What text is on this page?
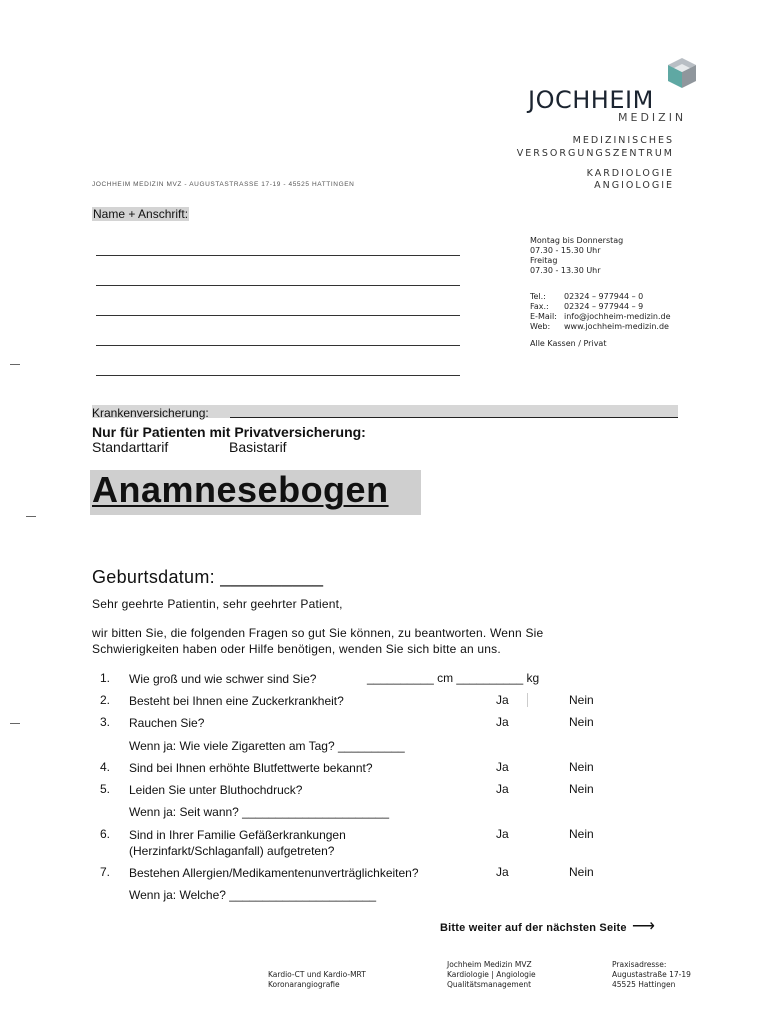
JOCHHEIM
MEDIZIN
MEDIZINISCHES
VERSORGUNGSZENTRUM
KARDIOLOGIE
ANGIOLOGIE
JOCHHEIM MEDIZIN MVZ - AUGUSTASTRASSE 17-19 - 45525 HATTINGEN
Name + Anschrift:
Montag bis Donnerstag
07.30 - 15.30 Uhr
Freitag
07.30 - 13.30 Uhr
Tel.:	02324 – 977944 – 0
Fax.:	02324 – 977944 – 9
E-Mail: info@jochheim-medizin.de
Web:	www.jochheim-medizin.de
Alle Kassen / Privat
Krankenversicherung:
Nur für Patienten mit Privatversicherung:
Standarttarif	Basistarif
Anamnesebogen
Geburtsdatum: __________
Sehr geehrte Patientin, sehr geehrter Patient,
wir bitten Sie, die folgenden Fragen so gut Sie können, zu beantworten. Wenn Sie
Schwierigkeiten haben oder Hilfe benötigen, wenden Sie sich bitte an uns.
1. Wie groß und wie schwer sind Sie?	__________ cm __________ kg
2. Besteht bei Ihnen eine Zuckerkrankheit?	Ja	Nein
3. Rauchen Sie?	Ja	Nein
Wenn ja: Wie viele Zigaretten am Tag? __________
4. Sind bei Ihnen erhöhte Blutfettwerte bekannt?	Ja	Nein
5. Leiden Sie unter Bluthochdruck?	Ja	Nein
Wenn ja: Seit wann? ______________________
6. Sind in Ihrer Familie Gefäßerkrankungen
(Herzinfarkt/Schlaganfall) aufgetreten?
Ja	Nein
7. Bestehen Allergien/Medikamentenunverträglichkeiten?	Ja	Nein
Wenn ja: Welche? ______________________
Bitte weiter auf der nächsten Seite ⟶
Kardio-CT und Kardio-MRT
Koronarangiografie
Jochheim Medizin MVZ
Kardiologie | Angiologie
Qualitätsmanagement
Praxisadresse:
Augustastraße 17-19
45525 Hattingen
